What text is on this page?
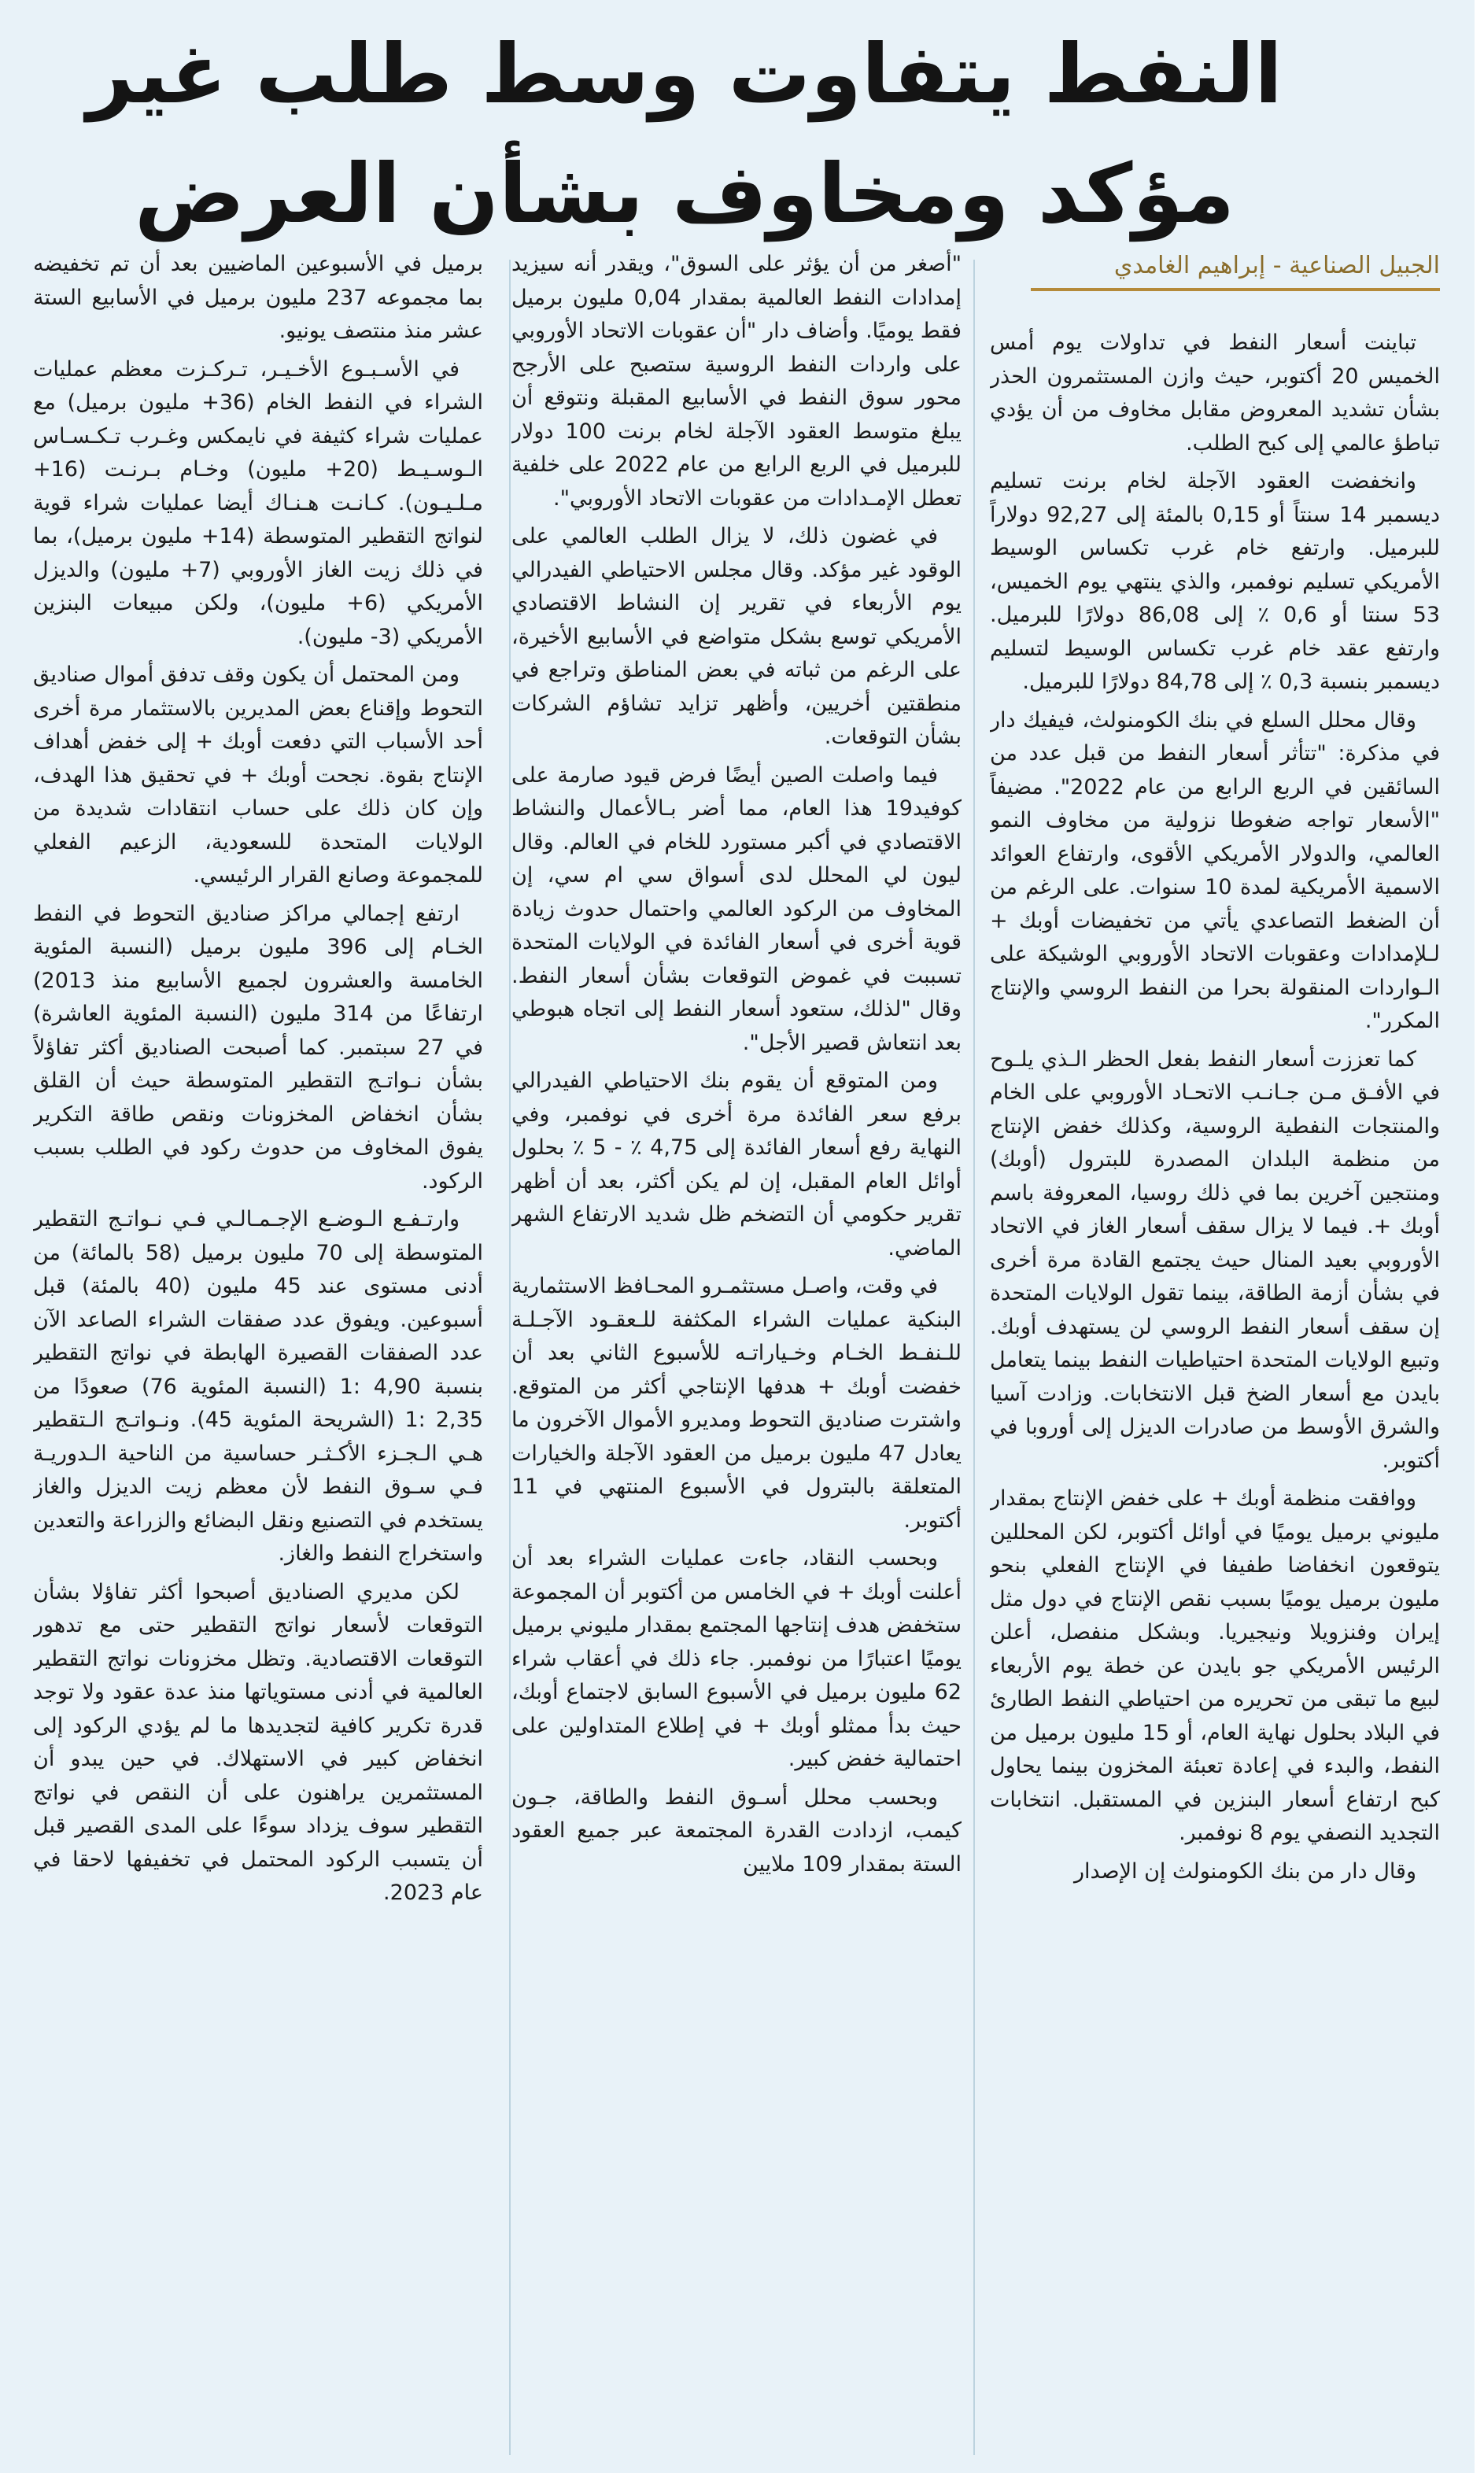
النفط يتفاوت وسط طلب غير
مؤكد ومخاوف بشأن العرض

تباينت أسعار النفط في تداولات يوم أمس الخميس 20 أكتوبر، حيث وازن المستثمرون الحذر بشأن تشديد المعروض مقابل مخاوف من أن يؤدي تباطؤ عالمي إلى كبح الطلب.

وانخفضت العقود الآجلة لخام برنت تسليم ديسمبر 14 سنتاً أو 0,15 بالمئة إلى 92,27 دولاراً للبرميل. وارتفع خام غرب تكساس الوسيط الأمريكي تسليم نوفمبر، والذي ينتهي يوم الخميس، 53 سنتا أو 0,6 ٪ إلى 86,08 دولارًا للبرميل. وارتفع عقد خام غرب تكساس الوسيط لتسليم ديسمبر بنسبة 0,3 ٪ إلى 84,78 دولارًا للبرميل.

وقال محلل السلع في بنك الكومنولث، فيفيك دار في مذكرة: "تتأثر أسعار النفط من قبل عدد من السائقين في الربع الرابع من عام 2022". مضيفاً "الأسعار تواجه ضغوطا نزولية من مخاوف النمو العالمي، والدولار الأمريكي الأقوى، وارتفاع العوائد الاسمية الأمريكية لمدة 10 سنوات. على الرغم من أن الضغط التصاعدي يأتي من تخفيضات أوبك + لـلإمدادات وعقوبات الاتحاد الأوروبي الوشيكة على الـواردات المنقولة بحرا من النفط الروسي والإنتاج المكرر".

كما تعززت أسعار النفط بفعل الحظر الـذي يلـوح في الأفـق مـن جـانـب الاتحـاد الأوروبي على الخام والمنتجات النفطية الروسية، وكذلك خفض الإنتاج من منظمة البلدان المصدرة للبترول (أوبك) ومنتجين آخرين بما في ذلك روسيا، المعروفة باسم أوبك +. فيما لا يزال سقف أسعار الغاز في الاتحاد الأوروبي بعيد المنال حيث يجتمع القادة مرة أخرى في بشأن أزمة الطاقة، بينما تقول الولايات المتحدة إن سقف أسعار النفط الروسي لن يستهدف أوبك. وتبيع الولايات المتحدة احتياطيات النفط بينما يتعامل بايدن مع أسعار الضخ قبل الانتخابات. وزادت آسيا والشرق الأوسط من صادرات الديزل إلى أوروبا في أكتوبر.

ووافقت منظمة أوبك + على خفض الإنتاج بمقدار مليوني برميل يوميًا في أوائل أكتوبر، لكن المحللين يتوقعون انخفاضا طفيفا في الإنتاج الفعلي بنحو مليون برميل يوميًا بسبب نقص الإنتاج في دول مثل إيران وفنزويلا ونيجيريا. وبشكل منفصل، أعلن الرئيس الأمريكي جو بايدن عن خطة يوم الأربعاء لبيع ما تبقى من تحريره من احتياطي النفط الطارئ في البلاد بحلول نهاية العام، أو 15 مليون برميل من النفط، والبدء في إعادة تعبئة المخزون بينما يحاول كبح ارتفاع أسعار البنزين في المستقبل. انتخابات التجديد النصفي يوم 8 نوفمبر.

وقال دار من بنك الكومنولث إن الإصدار

"أصغر من أن يؤثر على السوق"، ويقدر أنه سيزيد إمدادات النفط العالمية بمقدار 0,04 مليون برميل فقط يوميًا. وأضاف دار "أن عقوبات الاتحاد الأوروبي على واردات النفط الروسية ستصبح على الأرجح محور سوق النفط في الأسابيع المقبلة ونتوقع أن يبلغ متوسط العقود الآجلة لخام برنت 100 دولار للبرميل في الربع الرابع من عام 2022 على خلفية تعطل الإمـدادات من عقوبات الاتحاد الأوروبي".

في غضون ذلك، لا يزال الطلب العالمي على الوقود غير مؤكد. وقال مجلس الاحتياطي الفيدرالي يوم الأربعاء في تقرير إن النشاط الاقتصادي الأمريكي توسع بشكل متواضع في الأسابيع الأخيرة، على الرغم من ثباته في بعض المناطق وتراجع في منطقتين أخريين، وأظهر تزايد تشاؤم الشركات بشأن التوقعات.

فيما واصلت الصين أيضًا فرض قيود صارمة على كوفيد19 هذا العام، مما أضر بـالأعمال والنشاط الاقتصادي في أكبر مستورد للخام في العالم. وقال ليون لي المحلل لدى أسواق سي ام سي، إن المخاوف من الركود العالمي واحتمال حدوث زيادة قوية أخرى في أسعار الفائدة في الولايات المتحدة تسببت في غموض التوقعات بشأن أسعار النفط. وقال "لذلك، ستعود أسعار النفط إلى اتجاه هبوطي بعد انتعاش قصير الأجل".

ومن المتوقع أن يقوم بنك الاحتياطي الفيدرالي برفع سعر الفائدة مرة أخرى في نوفمبر، وفي النهاية رفع أسعار الفائدة إلى 4,75 ٪ - 5 ٪ بحلول أوائل العام المقبل، إن لم يكن أكثر، بعد أن أظهر تقرير حكومي أن التضخم ظل شديد الارتفاع الشهر الماضي.

في وقت، واصـل مستثمـرو المحـافظ الاستثمارية البنكية عمليات الشراء المكثفة للـعقـود الآجـلـة للـنفـط الخـام وخـياراتـه للأسبوع الثاني بعد أن خفضت أوبك + هدفها الإنتاجي أكثر من المتوقع. واشترت صناديق التحوط ومديرو الأموال الآخرون ما يعادل 47 مليون برميل من العقود الآجلة والخيارات المتعلقة بالبترول في الأسبوع المنتهي في 11 أكتوبر.

وبحسب النقاد، جاءت عمليات الشراء بعد أن أعلنت أوبك + في الخامس من أكتوبر أن المجموعة ستخفض هدف إنتاجها المجتمع بمقدار مليوني برميل يوميًا اعتبارًا من نوفمبر. جاء ذلك في أعقاب شراء 62 مليون برميل في الأسبوع السابق لاجتماع أوبك، حيث بدأ ممثلو أوبك + في إطلاع المتداولين على احتمالية خفض كبير.

وبحسب محلل أسـوق النفط والطاقة، جـون كيمب، ازدادت القدرة المجتمعة عبر جميع العقود الستة بمقدار 109 ملايين

برميل في الأسبوعين الماضيين بعد أن تم تخفيضه بما مجموعه 237 مليون برميل في الأسابيع الستة عشر منذ منتصف يونيو.

في الأسـبـوع الأخـيـر، تـركـزت معظم عمليات الشراء في النفط الخام (36+ مليون برميل) مع عمليات شراء كثيفة في نايمكس وغـرب تـكـسـاس الـوسـيـط (20+ مليون) وخـام بـرنـت (16+ مـلـيـون). كـانـت هـنـاك أيضا عمليات شراء قوية لنواتج التقطير المتوسطة (14+ مليون برميل)، بما في ذلك زيت الغاز الأوروبي (7+ مليون) والديزل الأمريكي (6+ مليون)، ولكن مبيعات البنزين الأمريكي (3- مليون).

ومن المحتمل أن يكون وقف تدفق أموال صناديق التحوط وإقناع بعض المديرين بالاستثمار مرة أخرى أحد الأسباب التي دفعت أوبك + إلى خفض أهداف الإنتاج بقوة. نجحت أوبك + في تحقيق هذا الهدف، وإن كان ذلك على حساب انتقادات شديدة من الولايات المتحدة للسعودية، الزعيم الفعلي للمجموعة وصانع القرار الرئيسي.

ارتفع إجمالي مراكز صناديق التحوط في النفط الخـام إلى 396 مليون برميل (النسبة المئوية الخامسة والعشرون لجميع الأسابيع منذ 2013) ارتفاعًا من 314 مليون (النسبة المئوية العاشرة) في 27 سبتمبر. كما أصبحت الصناديق أكثر تفاؤلاً بشأن نـواتـج التقطير المتوسطة حيث أن القلق بشأن انخفاض المخزونات ونقص طاقة التكرير يفوق المخاوف من حدوث ركود في الطلب بسبب الركود.

وارتـفـع الـوضـع الإجـمـالـي فـي نـواتـج التقطير المتوسطة إلى 70 مليون برميل (58 بالمائة) من أدنى مستوى عند 45 مليون (40 بالمئة) قبل أسبوعين. ويفوق عدد صفقات الشراء الصاعد الآن عدد الصفقات القصيرة الهابطة في نواتج التقطير بنسبة 4,90 :1 (النسبة المئوية 76) صعودًا من 2,35 :1 (الشريحة المئوية 45). ونـواتـج الـتقطير هـي الـجـزء الأكـثـر حساسية من الناحية الـدوريـة فـي سـوق النفط لأن معظم زيت الديزل والغاز يستخدم في التصنيع ونقل البضائع والزراعة والتعدين واستخراج النفط والغاز.

لكن مديري الصناديق أصبحوا أكثر تفاؤلا بشأن التوقعات لأسعار نواتج التقطير حتى مع تدهور التوقعات الاقتصادية. وتظل مخزونات نواتج التقطير العالمية في أدنى مستوياتها منذ عدة عقود ولا توجد قدرة تكرير كافية لتجديدها ما لم يؤدي الركود إلى انخفاض كبير في الاستهلاك. في حين يبدو أن المستثمرين يراهنون على أن النقص في نواتج التقطير سوف يزداد سوءًا على المدى القصير قبل أن يتسبب الركود المحتمل في تخفيفها لاحقا في عام 2023.

الجبيل الصناعية - إبراهيم الغامدي
